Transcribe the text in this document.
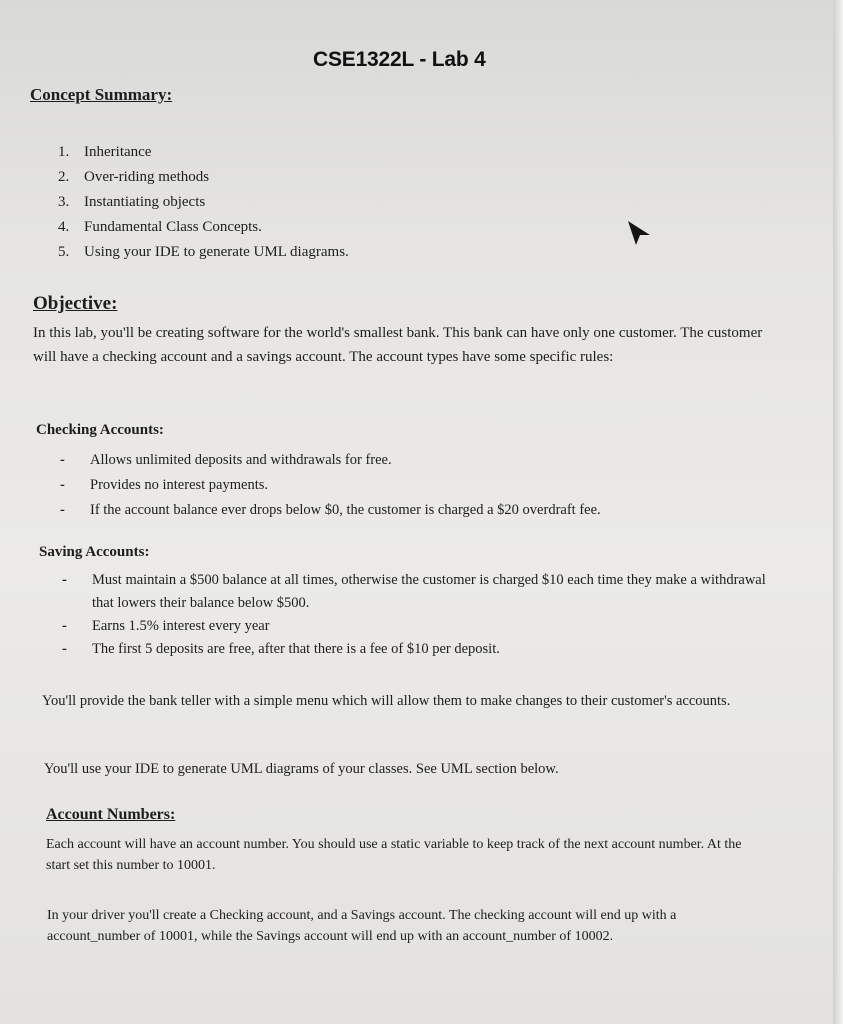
CSE1322L - Lab 4
Concept Summary:
1. Inheritance
2. Over-riding methods
3. Instantiating objects
4. Fundamental Class Concepts.
5. Using your IDE to generate UML diagrams.
Objective:

In this lab, you'll be creating software for the world's smallest bank. This bank can have only one customer. The customer will have a checking account and a savings account. The account types have some specific rules:

Checking Accounts:
- Allows unlimited deposits and withdrawals for free.
- Provides no interest payments.
- If the account balance ever drops below $0, the customer is charged a $20 overdraft fee.
Saving Accounts:
- Must maintain a $500 balance at all times, otherwise the customer is charged $10 each time they make a withdrawal that lowers their balance below $500.
- Earns 1.5% interest every year
- The first 5 deposits are free, after that there is a fee of $10 per deposit.

You'll provide the bank teller with a simple menu which will allow them to make changes to their customer's accounts.

You'll use your IDE to generate UML diagrams of your classes. See UML section below.

Account Numbers:

Each account will have an account number. You should use a static variable to keep track of the next account number. At the start set this number to 10001.

In your driver you'll create a Checking account, and a Savings account. The checking account will end up with a account_number of 10001, while the Savings account will end up with an account_number of 10002.
